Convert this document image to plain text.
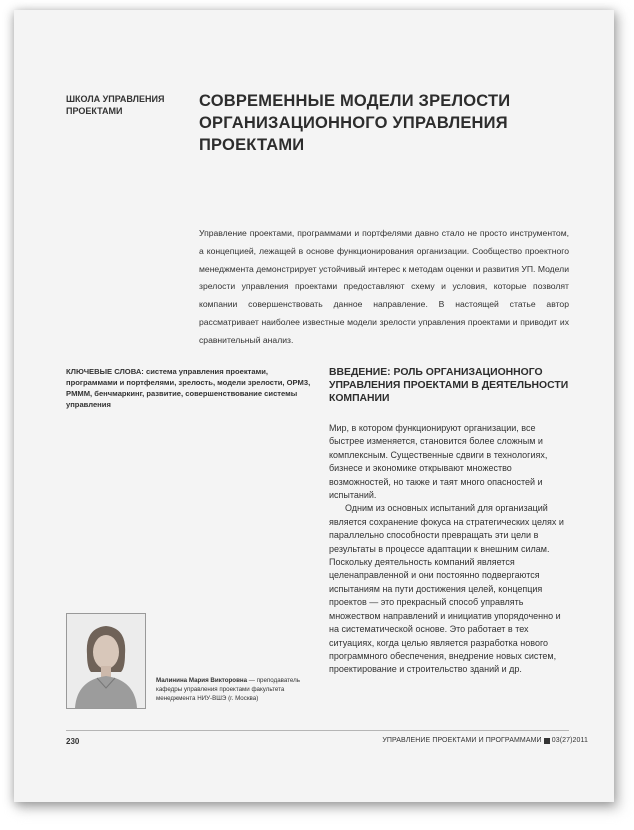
ШКОЛА УПРАВЛЕНИЯ ПРОЕКТАМИ
СОВРЕМЕННЫЕ МОДЕЛИ ЗРЕЛОСТИ ОРГАНИЗАЦИОННОГО УПРАВЛЕНИЯ ПРОЕКТАМИ
Управление проектами, программами и портфелями давно стало не просто инструментом, а концепцией, лежащей в основе функционирования организации. Сообщество проектного менеджмента демонстрирует устойчивый интерес к методам оценки и развития УП. Модели зрелости управления проектами предоставляют схему и условия, которые позволят компании совершенствовать данное направление. В настоящей статье автор рассматривает наиболее известные модели зрелости управления проектами и приводит их сравнительный анализ.
КЛЮЧЕВЫЕ СЛОВА: система управления проектами, программами и портфелями, зрелость, модели зрелости, OPM3, PMMM, бенчмаркинг, развитие, совершенствование системы управления
ВВЕДЕНИЕ: РОЛЬ ОРГАНИЗАЦИОННОГО УПРАВЛЕНИЯ ПРОЕКТАМИ В ДЕЯТЕЛЬНОСТИ КОМПАНИИ

Мир, в котором функционируют организации, все быстрее изменяется, становится более сложным и комплексным. Существенные сдвиги в технологиях, бизнесе и экономике открывают множество возможностей, но также и таят много опасностей и испытаний.

Одним из основных испытаний для организаций является сохранение фокуса на стратегических целях и параллельно способности превращать эти цели в результаты в процессе адаптации к внешним силам. Поскольку деятельность компаний является целенаправленной и они постоянно подвергаются испытаниям на пути достижения целей, концепция проектов — это прекрасный способ управлять множеством направлений и инициатив упорядоченно и на систематической основе. Это работает в тех ситуациях, когда целью является разработка нового программного обеспечения, внедрение новых систем, проектирование и строительство зданий и др.

Малинина Мария Викторовна — преподаватель кафедры управления проектами факультета менеджмента НИУ-ВШЭ (г. Москва)
230	УПРАВЛЕНИЕ ПРОЕКТАМИ И ПРОГРАММАМИ 03(27)2011
